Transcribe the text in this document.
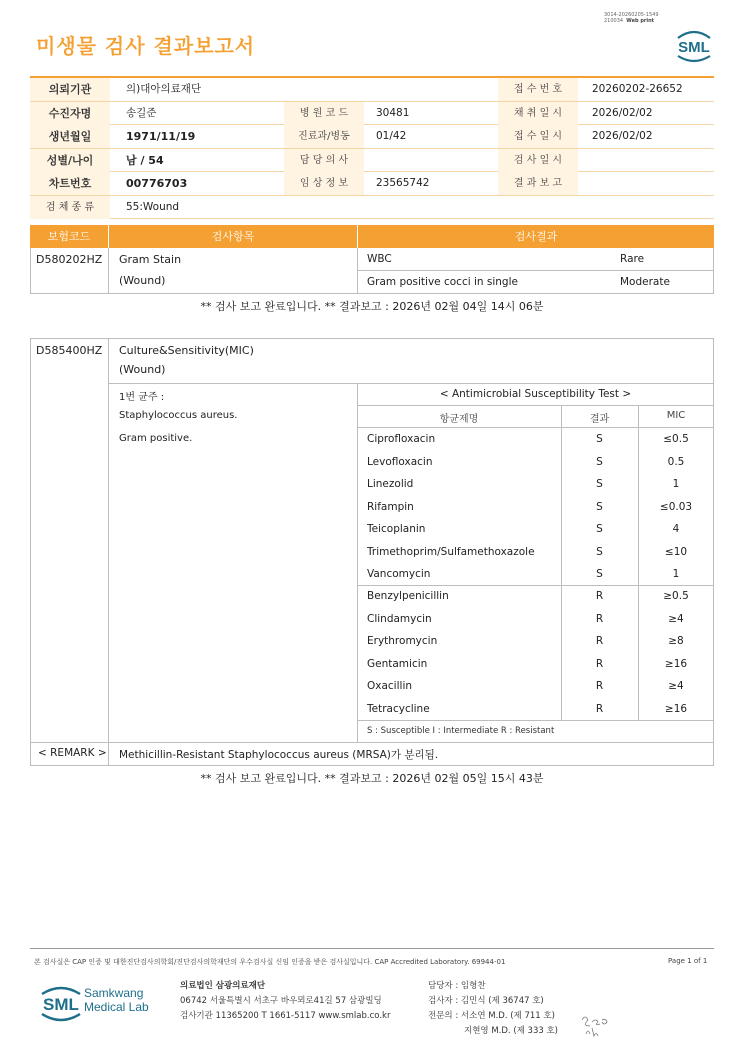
3014-20260205-1549
210034 Web print
미생물 검사 결과보고서	SML
의뢰기관	의)대아의료재단	접 수 번 호	20260202-26652
수진자명	송길준	병 원 코 드	30481	채 취 일 시	2026/02/02
생년월일	1971/11/19	진료과/병동	01/42	접 수 일 시	2026/02/02
성별/나이	남 / 54	담 당 의 사	검 사 일 시
차트번호	00776703	임 상 정 보	23565742	결 과 보 고
검 체 종 류	55:Wound
보험코드	검사항목	검사결과
D580202HZ Gram Stain
(Wound)
WBC	Rare
Gram positive cocci in single	Moderate
** 검사 보고 완료입니다. ** 결과보고 : 2026년 02월 04일 14시 06분
D585400HZ Culture&Sensitivity(MIC)
(Wound)
1번 균주 :
Staphylococcus aureus.
Gram positive.
< Antimicrobial Susceptibility Test >
항균제명	결과	MIC
Ciprofloxacin	S	≤0.5
Levofloxacin	S	0.5
Linezolid	S	1
Rifampin	S	≤0.03
Teicoplanin	S	4
Trimethoprim/Sulfamethoxazole	S	≤10
Vancomycin	S	1
Benzylpenicillin	R	≥0.5
Clindamycin	R	≥4
Erythromycin	R	≥8
Gentamicin	R	≥16
Oxacillin	R	≥4
Tetracycline	R	≥16
S : Susceptible I : Intermediate R : Resistant
< REMARK > Methicillin-Resistant Staphylococcus aureus (MRSA)가 분리됨.
** 검사 보고 완료입니다. ** 결과보고 : 2026년 02월 05일 15시 43분
본 검사실은 CAP 인증 및 대한진단검사의학회/진단검사의학재단의 우수검사실 신임 인증을 받은 검사실입니다. CAP Accredited Laboratory. 69944-01	Page 1 of 1
SML
Samkwang
Medical Lab
의료법인 삼광의료재단
06742 서울특별시 서초구 바우뫼로41길 57 삼광빌딩
검사기관 11365200 T 1661-5117 www.smlab.co.kr
담당자 : 임형찬
검사자 : 김민식 (제 36747 호)
전문의 : 서소연 M.D. (제 711 호)
지현영 M.D. (제 333 호)
